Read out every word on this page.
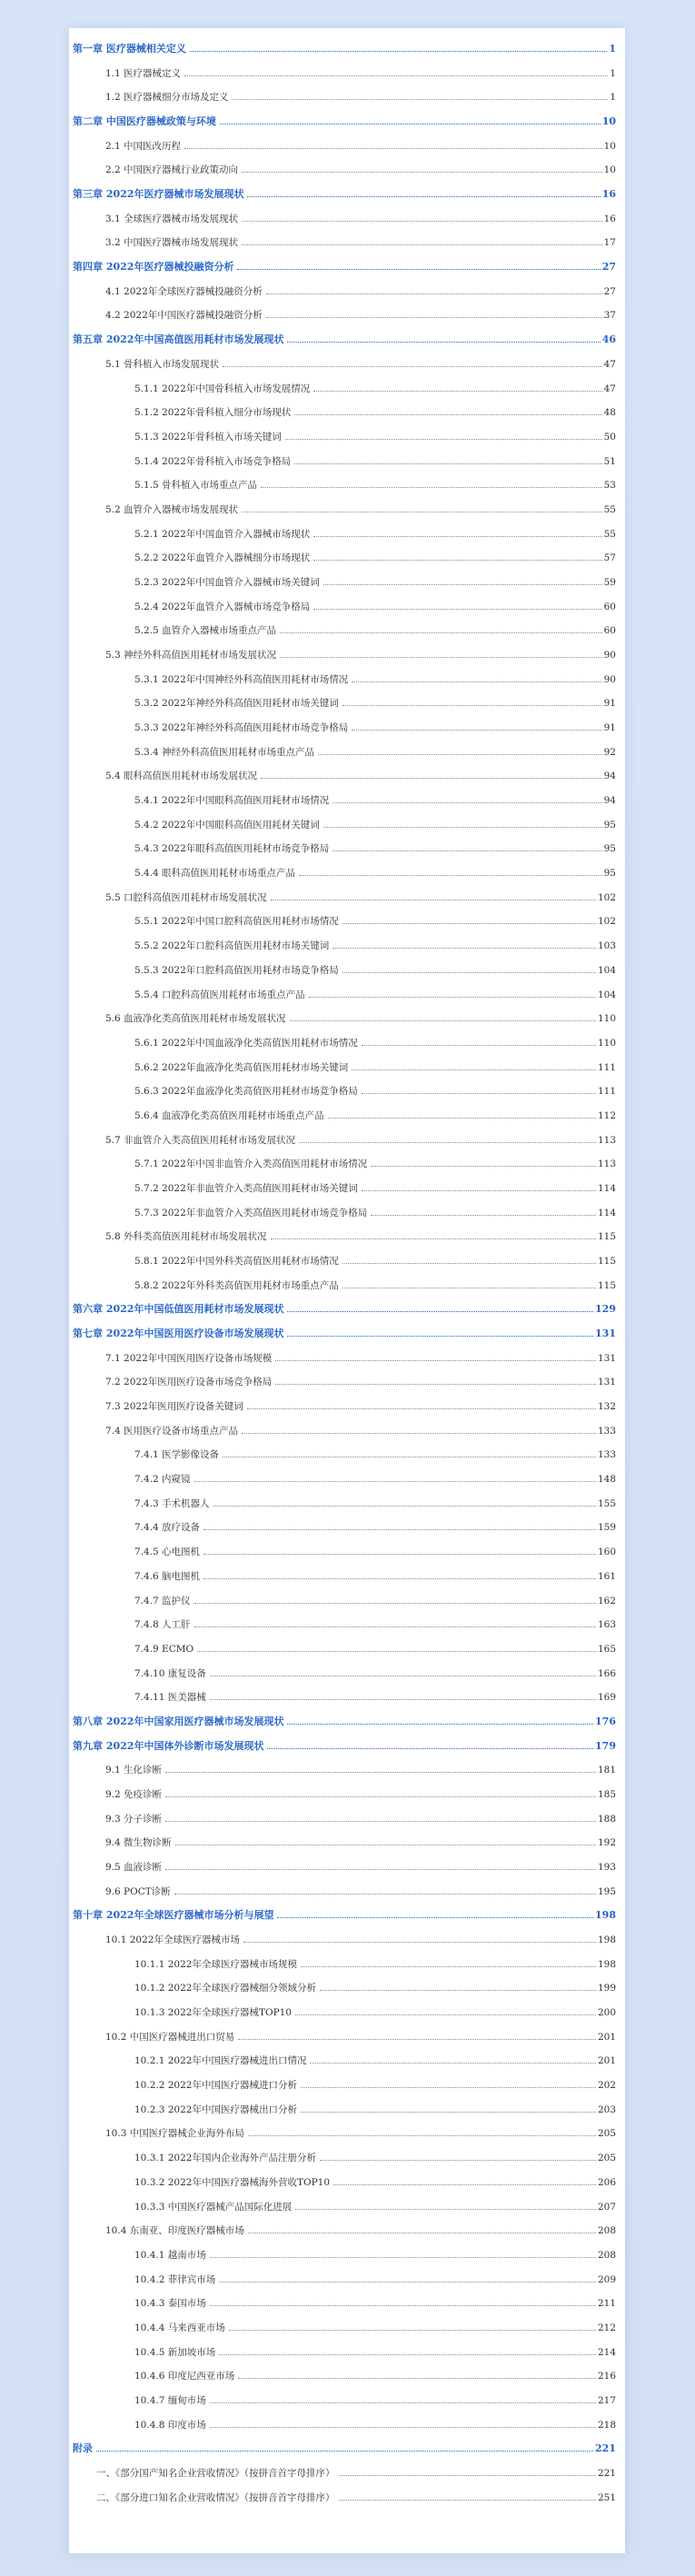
第一章 医疗器械相关定义	1
1.1 医疗器械定义	1
1.2 医疗器械细分市场及定义	1
第二章 中国医疗器械政策与环境	10
2.1 中国医改历程	10
2.2 中国医疗器械行业政策动向	10
第三章 2022年医疗器械市场发展现状	16
3.1 全球医疗器械市场发展现状	16
3.2 中国医疗器械市场发展现状	17
第四章 2022年医疗器械投融资分析	27
4.1 2022年全球医疗器械投融资分析	27
4.2 2022年中国医疗器械投融资分析	37
第五章 2022年中国高值医用耗材市场发展现状	46
5.1 骨科植入市场发展现状	47
5.1.1 2022年中国骨科植入市场发展情况	47
5.1.2 2022年骨科植入细分市场现状	48
5.1.3 2022年骨科植入市场关键词	50
5.1.4 2022年骨科植入市场竞争格局	51
5.1.5 骨科植入市场重点产品	53
5.2 血管介入器械市场发展现状	55
5.2.1 2022年中国血管介入器械市场现状	55
5.2.2 2022年血管介入器械细分市场现状	57
5.2.3 2022年中国血管介入器械市场关键词	59
5.2.4 2022年血管介入器械市场竞争格局	60
5.2.5 血管介入器械市场重点产品	60
5.3 神经外科高值医用耗材市场发展状况	90
5.3.1 2022年中国神经外科高值医用耗材市场情况	90
5.3.2 2022年神经外科高值医用耗材市场关键词	91
5.3.3 2022年神经外科高值医用耗材市场竞争格局	91
5.3.4 神经外科高值医用耗材市场重点产品	92
5.4 眼科高值医用耗材市场发展状况	94
5.4.1 2022年中国眼科高值医用耗材市场情况	94
5.4.2 2022年中国眼科高值医用耗材关键词	95
5.4.3 2022年眼科高值医用耗材市场竞争格局	95
5.4.4 眼科高值医用耗材市场重点产品	95
5.5 口腔科高值医用耗材市场发展状况	102
5.5.1 2022年中国口腔科高值医用耗材市场情况	102
5.5.2 2022年口腔科高值医用耗材市场关键词	103
5.5.3 2022年口腔科高值医用耗材市场竞争格局	104
5.5.4 口腔科高值医用耗材市场重点产品	104
5.6 血液净化类高值医用耗材市场发展状况	110
5.6.1 2022年中国血液净化类高值医用耗材市场情况	110
5.6.2 2022年血液净化类高值医用耗材市场关键词	111
5.6.3 2022年血液净化类高值医用耗材市场竞争格局	111
5.6.4 血液净化类高值医用耗材市场重点产品	112
5.7 非血管介入类高值医用耗材市场发展状况	113
5.7.1 2022年中国非血管介入类高值医用耗材市场情况	113
5.7.2 2022年非血管介入类高值医用耗材市场关键词	114
5.7.3 2022年非血管介入类高值医用耗材市场竞争格局	114
5.8 外科类高值医用耗材市场发展状况	115
5.8.1 2022年中国外科类高值医用耗材市场情况	115
5.8.2 2022年外科类高值医用耗材市场重点产品	115
第六章 2022年中国低值医用耗材市场发展现状	129
第七章 2022年中国医用医疗设备市场发展现状	131
7.1 2022年中国医用医疗设备市场规模	131
7.2 2022年医用医疗设备市场竞争格局	131
7.3 2022年医用医疗设备关键词	132
7.4 医用医疗设备市场重点产品	133
7.4.1 医学影像设备	133
7.4.2 内窥镜	148
7.4.3 手术机器人	155
7.4.4 放疗设备	159
7.4.5 心电图机	160
7.4.6 脑电图机	161
7.4.7 监护仪	162
7.4.8 人工肝	163
7.4.9 ECMO	165
7.4.10 康复设备	166
7.4.11 医美器械	169
第八章 2022年中国家用医疗器械市场发展现状	176
第九章 2022年中国体外诊断市场发展现状	179
9.1 生化诊断	181
9.2 免疫诊断	185
9.3 分子诊断	188
9.4 微生物诊断	192
9.5 血液诊断	193
9.6 POCT诊断	195
第十章 2022年全球医疗器械市场分析与展望	198
10.1 2022年全球医疗器械市场	198
10.1.1 2022年全球医疗器械市场规模	198
10.1.2 2022年全球医疗器械细分领域分析	199
10.1.3 2022年全球医疗器械TOP10	200
10.2 中国医疗器械进出口贸易	201
10.2.1 2022年中国医疗器械进出口情况	201
10.2.2 2022年中国医疗器械进口分析	202
10.2.3 2022年中国医疗器械出口分析	203
10.3 中国医疗器械企业海外布局	205
10.3.1 2022年国内企业海外产品注册分析	205
10.3.2 2022年中国医疗器械海外营收TOP10	206
10.3.3 中国医疗器械产品国际化进展	207
10.4 东南亚、印度医疗器械市场	208
10.4.1 越南市场	208
10.4.2 菲律宾市场	209
10.4.3 泰国市场	211
10.4.4 马来西亚市场	212
10.4.5 新加坡市场	214
10.4.6 印度尼西亚市场	216
10.4.7 缅甸市场	217
10.4.8 印度市场	218
附录	221
一、《部分国产知名企业营收情况》（按拼音首字母排序）	221
二、《部分进口知名企业营收情况》（按拼音首字母排序）	251
